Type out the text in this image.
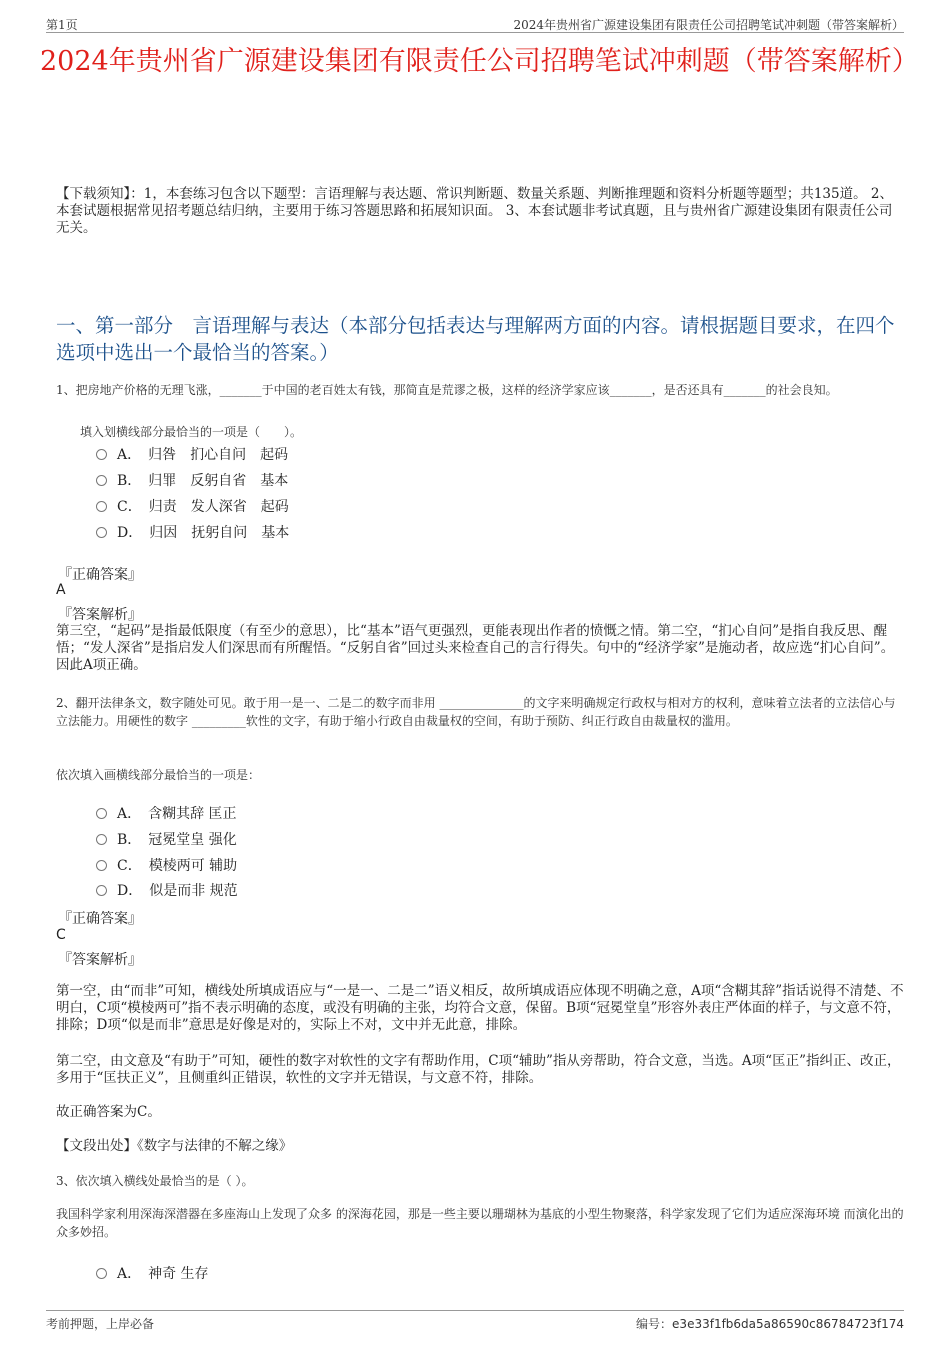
第1页	2024年贵州省广源建设集团有限责任公司招聘笔试冲刺题（带答案解析）
2024年贵州省广源建设集团有限责任公司招聘笔试冲刺题（带答案解析）
【下载须知】：1，本套练习包含以下题型：言语理解与表达题、常识判断题、数量关系题、判断推理题和资料分析题等题型；共135道。 2、本套试题根据常见招考题总结归纳，主要用于练习答题思路和拓展知识面。 3、本套试题非考试真题，且与贵州省广源建设集团有限责任公司无关。
一、第一部分　言语理解与表达（本部分包括表达与理解两方面的内容。请根据题目要求，在四个选项中选出一个最恰当的答案。）
1、把房地产价格的无理飞涨，_______于中国的老百姓太有钱，那简直是荒谬之极，这样的经济学家应该_______，是否还具有_______的社会良知。
填入划横线部分最恰当的一项是（　　）。
A．　归咎　扪心自问　起码
B．　归罪　反躬自省　基本
C．　归责　发人深省　起码
D．　归因　抚躬自问　基本
『正确答案』
A
『答案解析』
第三空，“起码”是指最低限度（有至少的意思），比“基本”语气更强烈，更能表现出作者的愤慨之情。第二空，“扪心自问”是指自我反思、醒悟；“发人深省”是指启发人们深思而有所醒悟。“反躬自省”回过头来检查自己的言行得失。句中的“经济学家”是施动者，故应选“扪心自问”。因此A项正确。
2、翻开法律条文，数字随处可见。敢于用一是一、二是二的数字而非用 ______________的文字来明确规定行政权与相对方的权利，意味着立法者的立法信心与立法能力。用硬性的数字 _________软性的文字，有助于缩小行政自由裁量权的空间，有助于预防、纠正行政自由裁量权的滥用。
依次填入画横线部分最恰当的一项是：
A．　含糊其辞 匡正
B．　冠冕堂皇 强化
C．　模棱两可 辅助
D．　似是而非 规范
『正确答案』
C
『答案解析』
第一空，由“而非”可知，横线处所填成语应与“一是一、二是二”语义相反，故所填成语应体现不明确之意，A项“含糊其辞”指话说得不清楚、不明白，C项“模棱两可”指不表示明确的态度，或没有明确的主张，均符合文意，保留。B项“冠冕堂皇”形容外表庄严体面的样子，与文意不符，排除；D项“似是而非”意思是好像是对的，实际上不对，文中并无此意，排除。
第二空，由文意及“有助于”可知，硬性的数字对软性的文字有帮助作用，C项“辅助”指从旁帮助，符合文意，当选。A项“匡正”指纠正、改正，多用于“匡扶正义”，且侧重纠正错误，软性的文字并无错误，与文意不符，排除。
故正确答案为C。
【文段出处】《数字与法律的不解之缘》
3、依次填入横线处最恰当的是（ ）。
我国科学家利用深海深潜器在多座海山上发现了众多 的深海花园，那是一些主要以珊瑚林为基底的小型生物聚落，科学家发现了它们为适应深海环境 而演化出的众多妙招。
A．　神奇 生存
考前押题，上岸必备	编号：e3e33f1fb6da5a86590c86784723f174
